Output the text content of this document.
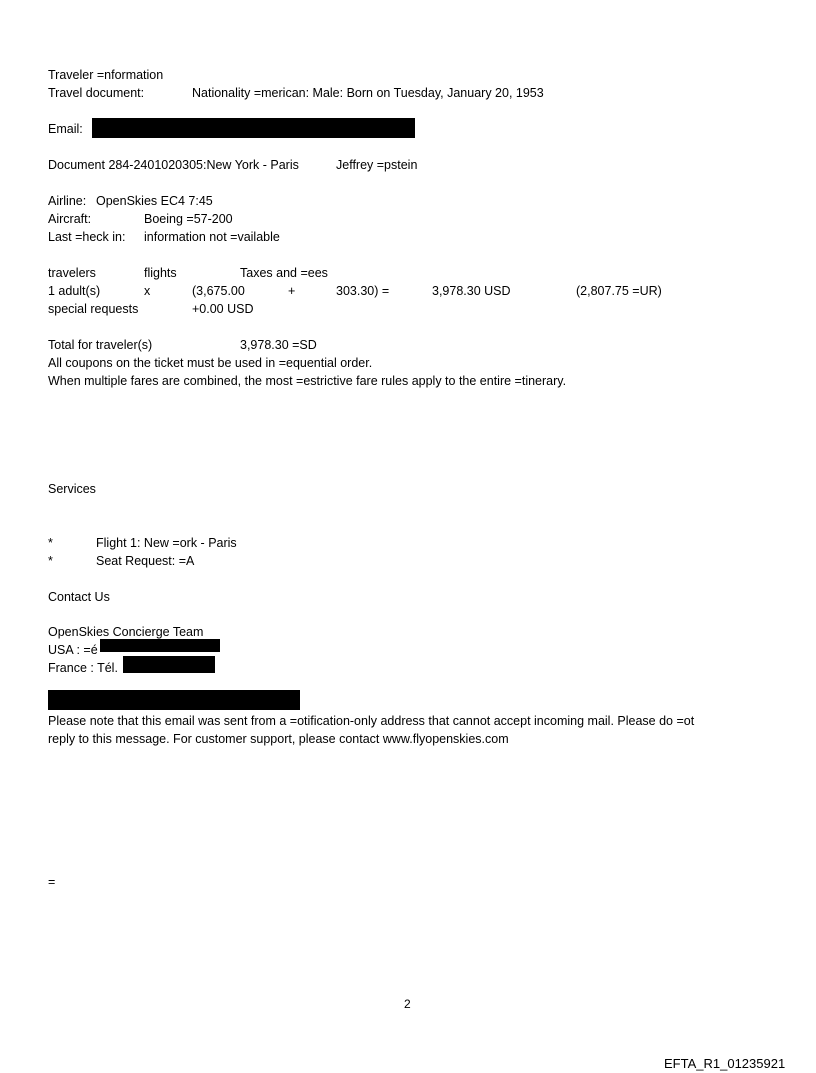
Traveler =nformation
Travel document:	Nationality =merican: Male: Born on Tuesday, January 20, 1953
Email:
Document 284-2401020305:New York - Paris	Jeffrey =pstein
Airline: OpenSkies EC4 7:45
Aircraft:	Boeing =57-200
Last =heck in: information not =vailable
travelers	flights	Taxes and =ees
1 adult(s)	x	(3,675.00	+	303.30) =	3,978.30 USD	(2,807.75 =UR)
special requests	+0.00 USD
Total for traveler(s)	3,978.30 =SD
All coupons on the ticket must be used in =equential order.
When multiple fares are combined, the most =estrictive fare rules apply to the entire =tinerary.
Services
*	Flight 1: New =ork - Paris
*	Seat Request: =A
Contact Us
OpenSkies Concierge Team
USA : =é
France : Tél.
Please note that this email was sent from a =otification-only address that cannot accept incoming mail. Please do =ot
reply to this message. For customer support, please contact www.flyopenskies.com
=
2
EFTA_R1_01235921
